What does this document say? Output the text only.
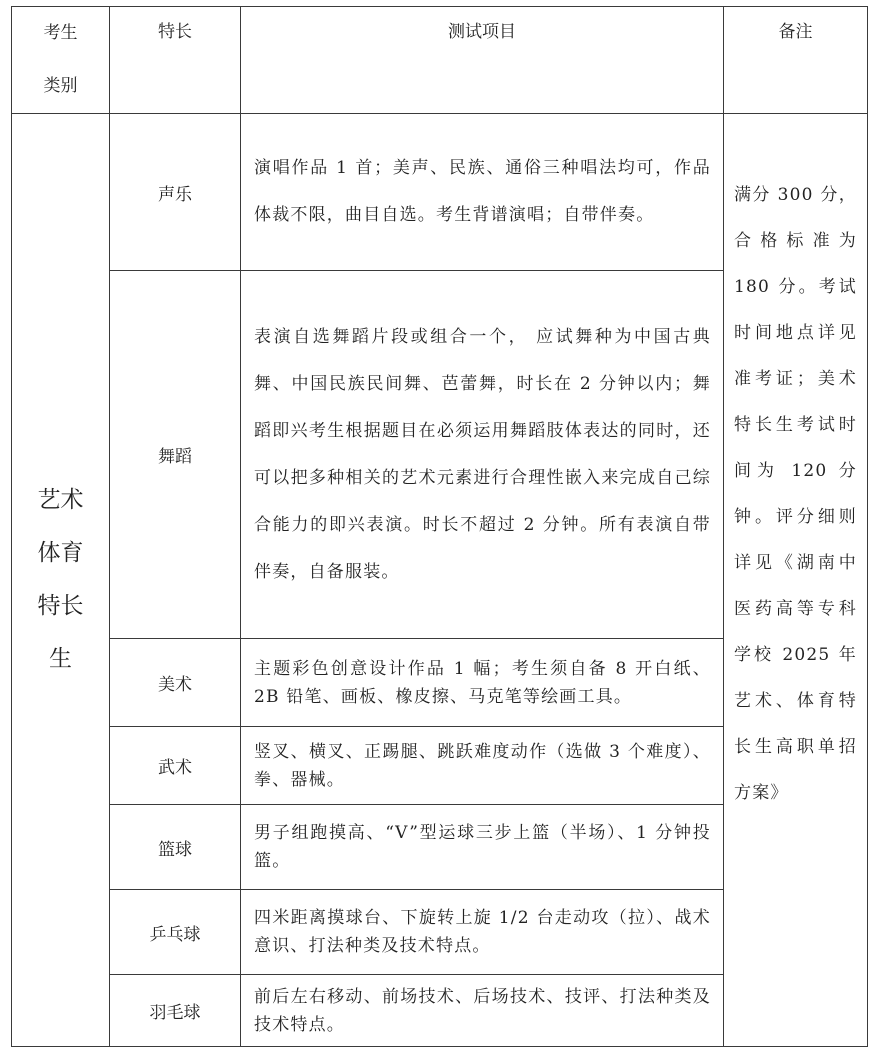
考生类别	特长	测试项目	备注

艺术体育特长生	声乐	演唱作品 1 首；美声、民族、通俗三种唱法均可，作品体裁不限，曲目自选。考生背谱演唱；自带伴奏。	满分 300 分，合格标准为 180 分。考试时间地点详见准考证；美术特长生考试时间为 120 分钟。评分细则详见《湖南中医药高等专科学校 2025 年艺术、体育特长生高职单招方案》
	舞蹈	表演自选舞蹈片段或组合一个， 应试舞种为中国古典舞、中国民族民间舞、芭蕾舞，时长在 2 分钟以内；舞蹈即兴考生根据题目在必须运用舞蹈肢体表达的同时，还可以把多种相关的艺术元素进行合理性嵌入来完成自己综合能力的即兴表演。时长不超过 2 分钟。所有表演自带伴奏，自备服装。	
	美术	主题彩色创意设计作品 1 幅；考生须自备 8 开白纸、2B 铅笔、画板、橡皮擦、马克笔等绘画工具。	
	武术	竖叉、横叉、正踢腿、跳跃难度动作（选做 3 个难度）、拳、器械。	
	篮球	男子组跑摸高、“V”型运球三步上篮（半场）、1 分钟投篮。	
	乒乓球	四米距离摸球台、下旋转上旋 1/2 台走动攻（拉）、战术意识、打法种类及技术特点。	
	羽毛球	前后左右移动、前场技术、后场技术、技评、打法种类及技术特点。	
